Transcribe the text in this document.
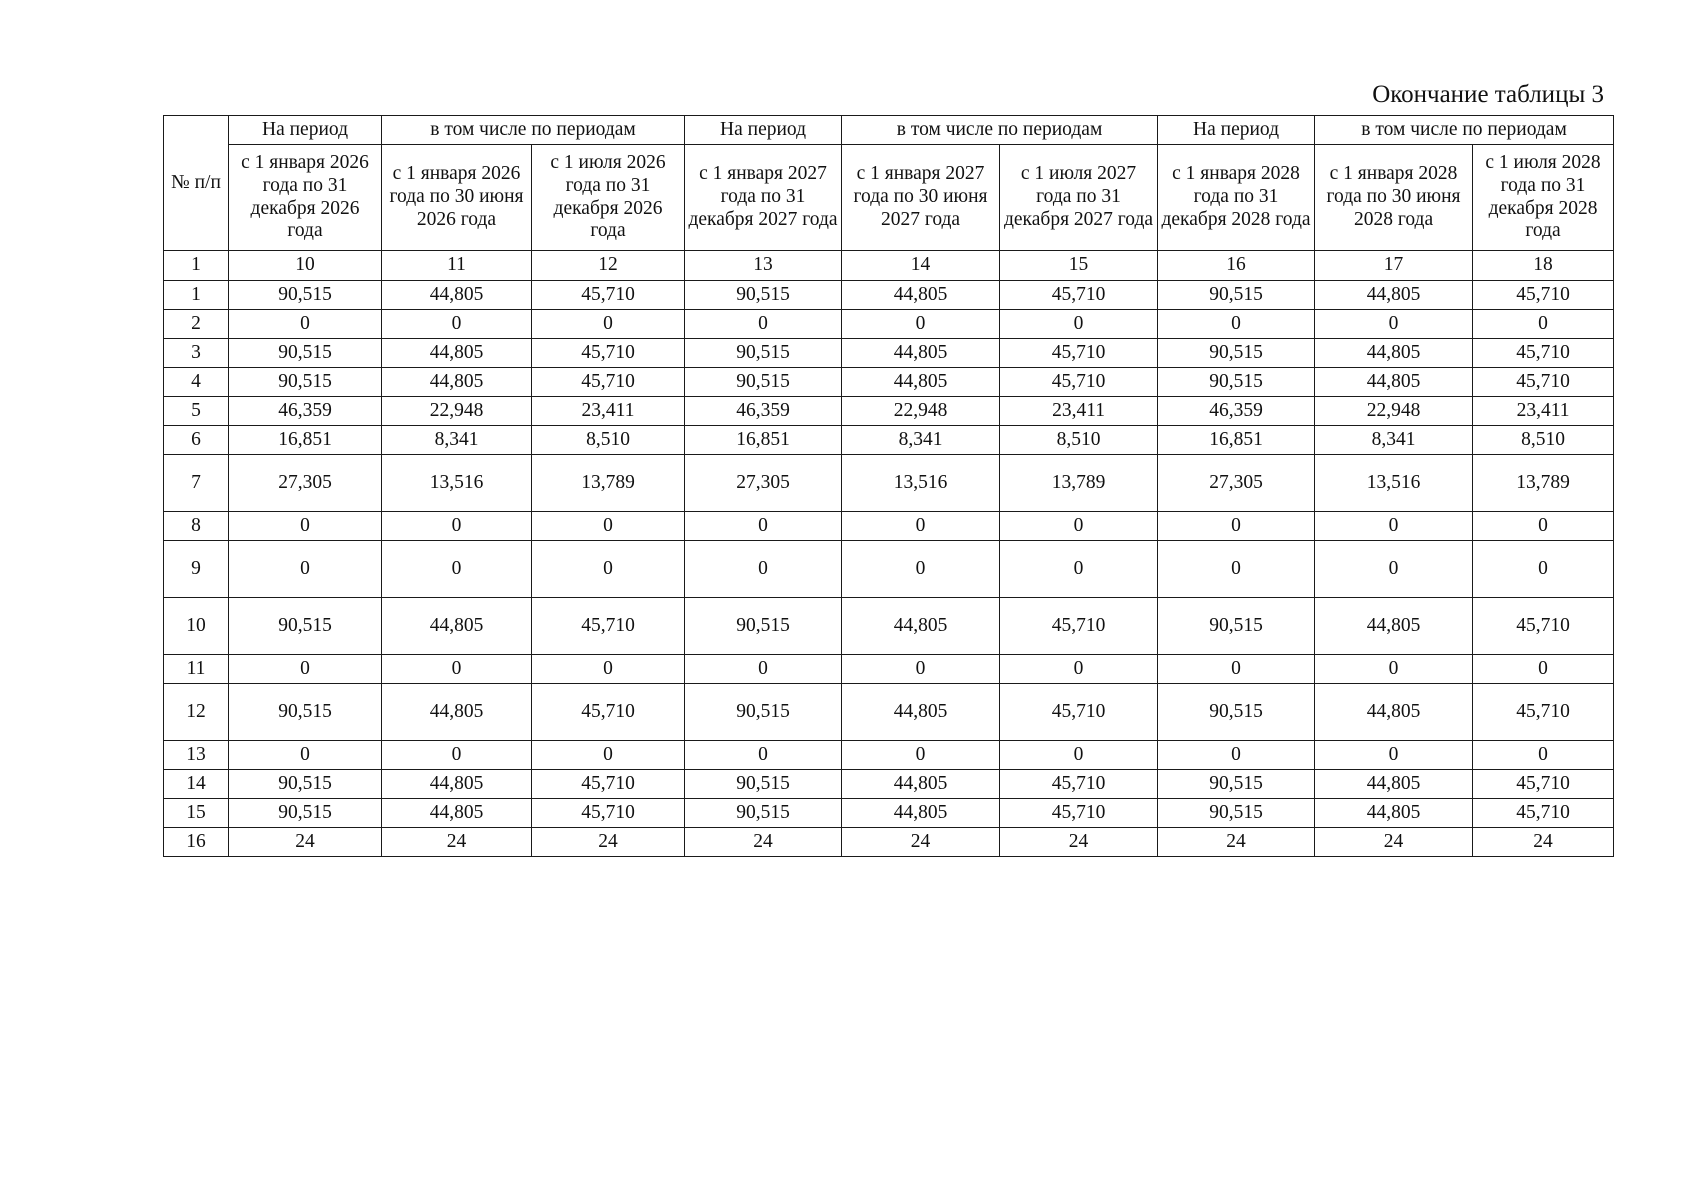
Окончание таблицы 3
№ п/п	На период	в том числе по периодам		На период	в том числе по периодам		На период	в том числе по периодам	
	с 1 января 2026 года по 31 декабря 2026 года	с 1 января 2026 года по 30 июня 2026 года	с 1 июля 2026 года по 31 декабря 2026 года	с 1 января 2027 года по 31 декабря 2027 года	с 1 января 2027 года по 30 июня 2027 года	с 1 июля 2027 года по 31 декабря 2027 года	с 1 января 2028 года по 31 декабря 2028 года	с 1 января 2028 года по 30 июня 2028 года	с 1 июля 2028 года по 31 декабря 2028 года
1	10	11	12	13	14	15	16	17	18
1	90,515	44,805	45,710	90,515	44,805	45,710	90,515	44,805	45,710
2	0	0	0	0	0	0	0	0	0
3	90,515	44,805	45,710	90,515	44,805	45,710	90,515	44,805	45,710
4	90,515	44,805	45,710	90,515	44,805	45,710	90,515	44,805	45,710
5	46,359	22,948	23,411	46,359	22,948	23,411	46,359	22,948	23,411
6	16,851	8,341	8,510	16,851	8,341	8,510	16,851	8,341	8,510
7	27,305	13,516	13,789	27,305	13,516	13,789	27,305	13,516	13,789
8	0	0	0	0	0	0	0	0	0
9	0	0	0	0	0	0	0	0	0
10	90,515	44,805	45,710	90,515	44,805	45,710	90,515	44,805	45,710
11	0	0	0	0	0	0	0	0	0
12	90,515	44,805	45,710	90,515	44,805	45,710	90,515	44,805	45,710
13	0	0	0	0	0	0	0	0	0
14	90,515	44,805	45,710	90,515	44,805	45,710	90,515	44,805	45,710
15	90,515	44,805	45,710	90,515	44,805	45,710	90,515	44,805	45,710
16	24	24	24	24	24	24	24	24	24
